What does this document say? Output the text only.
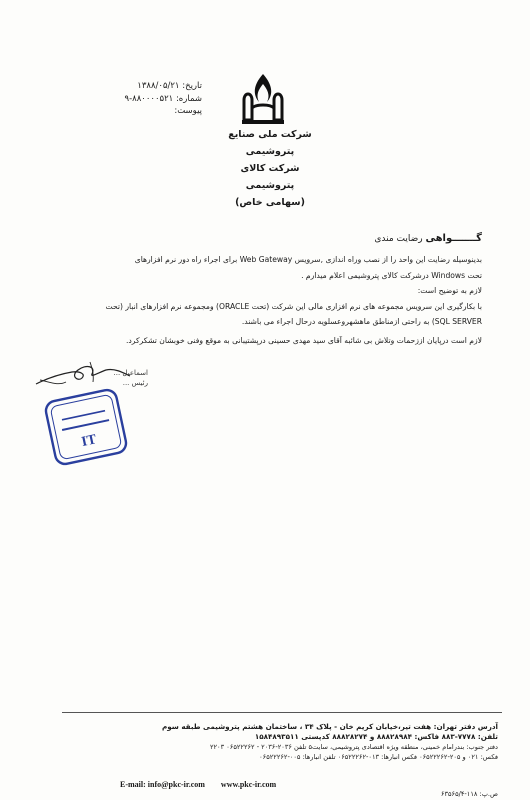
تاریخ: ۱۳۸۸/۰۵/۲۱
شماره: ۸۸۰۰۰۰۵۲۱-۹
پیوست:
شرکت ملی صنایع پتروشیمی
شرکت کالای پتروشیمی
(سهامی خاص)
گـــــــواهی رضایت مندی

بدینوسیله رضایت این واحد را از نصب وراه اندازی ,سرویس Web Gateway برای اجراء راه دور نرم افزارهای

تحت Windows درشرکت کالای پتروشیمی اعلام میدارم .

لازم به توضیح است:

با بکارگیری این سرویس مجموعه های نرم افزاری مالی این شرکت (تحت ORACLE) ومجموعه نرم افزارهای انبار (تحت

SQL SERVER) به راحتی ازمناطق ماهشهروعسلویه درحال اجراء می باشند.

لازم است درپایان اززحمات وتلاش بی شائبه آقای سید مهدی حسینی درپشتیبانی به موقع وفنی خوبشان تشکرکرد.

اسماعیل ...
رئیس ...
IT

آدرس دفتر تهران: هفت تیر،خیابان کریم خان - پلاک ۳۴ ، ساختمان هشتم پتروشیمی طبقه سوم

تلفن: ۷۷۷۸-۸۸۳ فاکس: ۸۸۸۲۸۹۸۴ و ۸۸۸۲۸۲۷۴ کدپستی ۱۵۸۴۸۹۳۵۱۱

دفتر جنوب: بندرامام خمینی، منطقه ویژه اقتصادی پتروشیمی، سایت۵ تلفن ۲۰۳۶-۲۰۳۶ - ۰۶۵۲۲۲۶۲ ۲۲۰۳

فکس: ۰۲۱ و ۲۰۵-۰۶۵۲۲۲۶۲ فکس انبارها: ۰۱۳-۰۶۵۲۲۲۶۲ تلفن انبارها: ۰۰۵-۰۶۵۲۲۲۶۲

E-mail: info@pkc-ir.com www.pkc-ir.com
ص.پ: ۱۱۸-۶۳۵۶۵/۴
